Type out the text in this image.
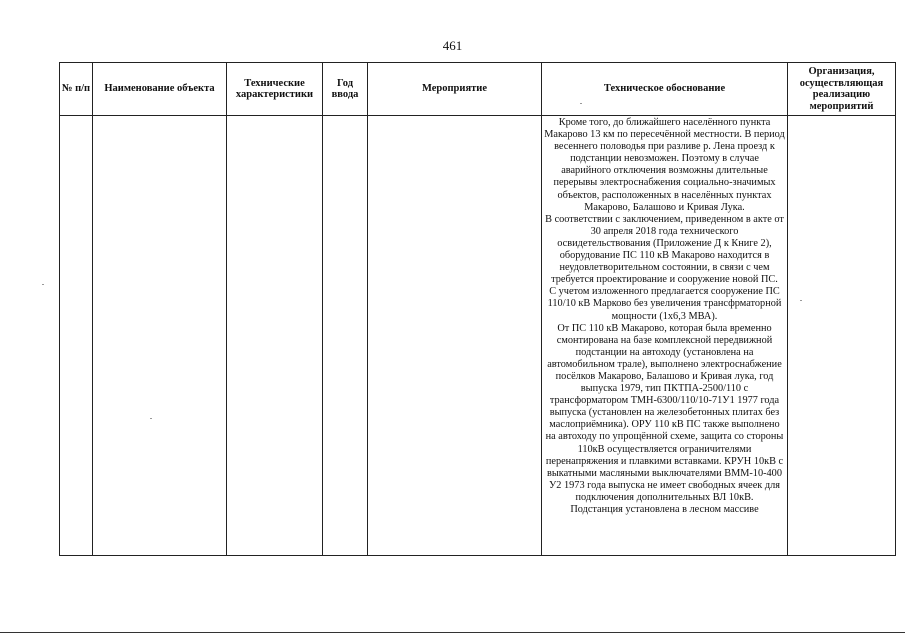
461
№ п/п	Наименование объекта	Технические характеристики	Год ввода	Мероприятие	Техническое обоснование	Организация, осуществляющая реализацию мероприятий

					Кроме того, до ближайшего населённого пункта Макарово 13 км по пересечённой местности. В период весеннего половодья при разливе р. Лена проезд к подстанции невозможен. Поэтому в случае аварийного отключения возможны длительные перерывы электроснабжения социально-значимых объектов, расположенных в населённых пунктах Макарово, Балашово и Кривая Лука.

В соответствии с заключением, приведенном в акте от 30 апреля 2018 года технического освидетельствования (Приложение Д к Книге 2), оборудование ПС 110 кВ Макарово находится в неудовлетворительном состоянии, в связи с чем требуется проектирование и сооружение новой ПС.

С учетом изложенного предлагается сооружение ПС 110/10 кВ Марково без увеличения трансфрматорной мощности (1х6,3 МВА).

От ПС 110 кВ Макарово, которая была временно смонтирована на базе комплексной передвижной подстанции на автоходу (установлена на автомобильном трале), выполнено электроснабжение посёлков Макарово, Балашово и Кривая лука, год выпуска 1979, тип ПКТПА-2500/110 с трансформатором ТМН-6300/110/10-71У1 1977 года выпуска (установлен на железобетонных плитах без маслоприёмника). ОРУ 110 кВ ПС также выполнено на автоходу по упрощённой схеме, защита со стороны 110кВ осуществляется ограничителями перенапряжения и плавкими вставками. КРУН 10кВ с выкатными масляными выключателями ВММ-10-400 У2 1973 года выпуска не имеет свободных ячеек для подключения дополнительных ВЛ 10кВ.

Подстанция установлена в лесном массиве	
